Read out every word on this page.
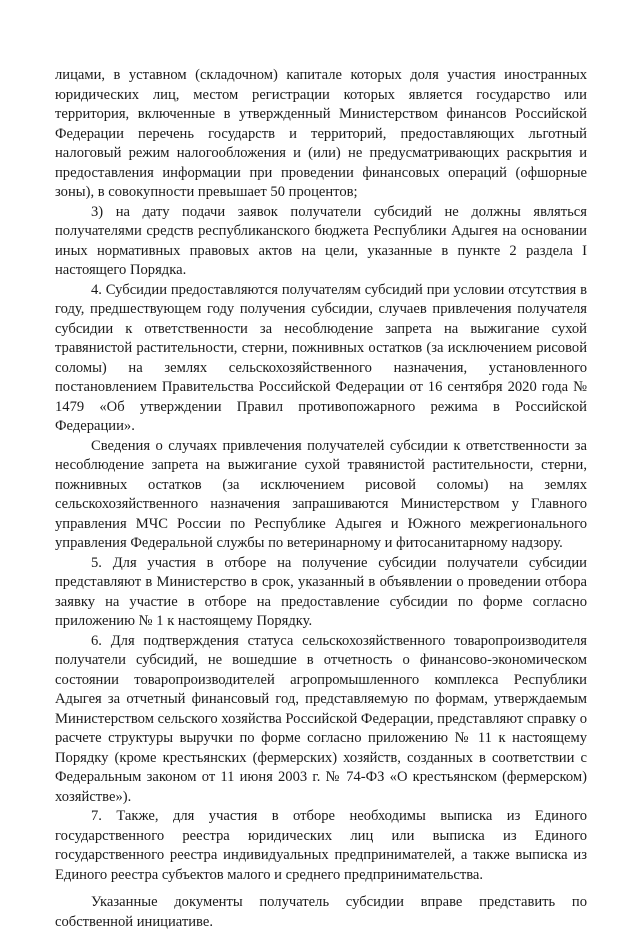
лицами, в уставном (складочном) капитале которых доля участия иностранных юридических лиц, местом регистрации которых является государство или территория, включенные в утвержденный Министерством финансов Российской Федерации перечень государств и территорий, предоставляющих льготный налоговый режим налогообложения и (или) не предусматривающих раскрытия и предоставления информации при проведении финансовых операций (офшорные зоны), в совокупности превышает 50 процентов;

3) на дату подачи заявок получатели субсидий не должны являться получателями средств республиканского бюджета Республики Адыгея на основании иных нормативных правовых актов на цели, указанные в пункте 2 раздела I настоящего Порядка.

4. Субсидии предоставляются получателям субсидий при условии отсутствия в году, предшествующем году получения субсидии, случаев привлечения получателя субсидии к ответственности за несоблюдение запрета на выжигание сухой травянистой растительности, стерни, пожнивных остатков (за исключением рисовой соломы) на землях сельскохозяйственного назначения, установленного постановлением Правительства Российской Федерации от 16 сентября 2020 года № 1479 «Об утверждении Правил противопожарного режима в Российской Федерации».

Сведения о случаях привлечения получателей субсидии к ответственности за несоблюдение запрета на выжигание сухой травянистой растительности, стерни, пожнивных остатков (за исключением рисовой соломы) на землях сельскохозяйственного назначения запрашиваются Министерством у Главного управления МЧС России по Республике Адыгея и Южного межрегионального управления Федеральной службы по ветеринарному и фитосанитарному надзору.

5. Для участия в отборе на получение субсидии получатели субсидии представляют в Министерство в срок, указанный в объявлении о проведении отбора заявку на участие в отборе на предоставление субсидии по форме согласно приложению № 1 к настоящему Порядку.

6. Для подтверждения статуса сельскохозяйственного товаропроизводителя получатели субсидий, не вошедшие в отчетность о финансово-экономическом состоянии товаропроизводителей агропромышленного комплекса Республики Адыгея за отчетный финансовый год, представляемую по формам, утверждаемым Министерством сельского хозяйства Российской Федерации, представляют справку о расчете структуры выручки по форме согласно приложению № 11 к настоящему Порядку (кроме крестьянских (фермерских) хозяйств, созданных в соответствии с Федеральным законом от 11 июня 2003 г. № 74-ФЗ «О крестьянском (фермерском) хозяйстве»).

7. Также, для участия в отборе необходимы выписка из Единого государственного реестра юридических лиц или выписка из Единого государственного реестра индивидуальных предпринимателей, а также выписка из Единого реестра субъектов малого и среднего предпринимательства.

Указанные документы получатель субсидии вправе представить по собственной инициативе.
